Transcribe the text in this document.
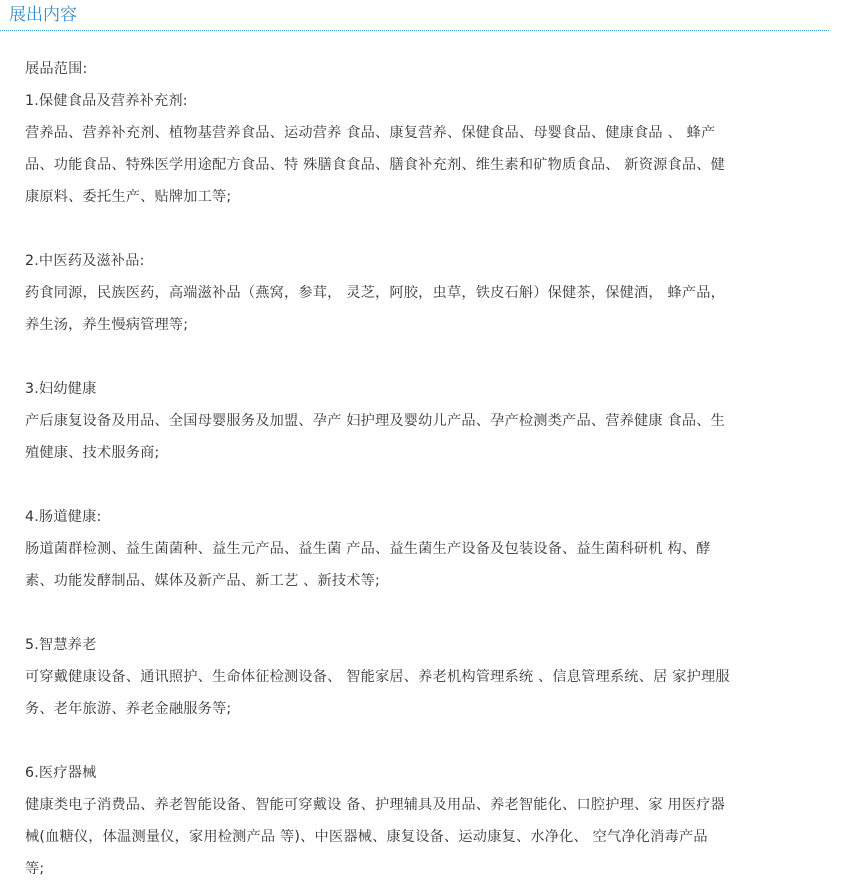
展出内容
展品范围:
1.保健食品及营养补充剂:
营养品、营养补充剂、植物基营养食品、运动营养 食品、康复营养、保健食品、母婴食品、健康食品 、 蜂产
品、功能食品、特殊医学用途配方食品、特 殊膳食食品、膳食补充剂、维生素和矿物质食品、 新资源食品、健
康原料、委托生产、贴牌加工等;
2.中医药及滋补品:
药食同源，民族医药，高端滋补品（燕窝，参茸， 灵芝，阿胶，虫草，铁皮石斛）保健茶，保健酒， 蜂产品，
养生汤，养生慢病管理等;
3.妇幼健康
产后康复设备及用品、全国母婴服务及加盟、孕产 妇护理及婴幼儿产品、孕产检测类产品、营养健康 食品、生
殖健康、技术服务商;
4.肠道健康:
肠道菌群检测、益生菌菌种、益生元产品、益生菌 产品、益生菌生产设备及包装设备、益生菌科研机 构、酵
素、功能发酵制品、媒体及新产品、新工艺 、新技术等;
5.智慧养老
可穿戴健康设备、通讯照护、生命体征检测设备、 智能家居、养老机构管理系统 、信息管理系统、居 家护理服
务、老年旅游、养老金融服务等;
6.医疗器械
健康类电子消费品、养老智能设备、智能可穿戴设 备、护理辅具及用品、养老智能化、口腔护理、家 用医疗器
械(血糖仪，体温测量仪，家用检测产品 等)、中医器械、康复设备、运动康复、水净化、 空气净化消毒产品
等;
